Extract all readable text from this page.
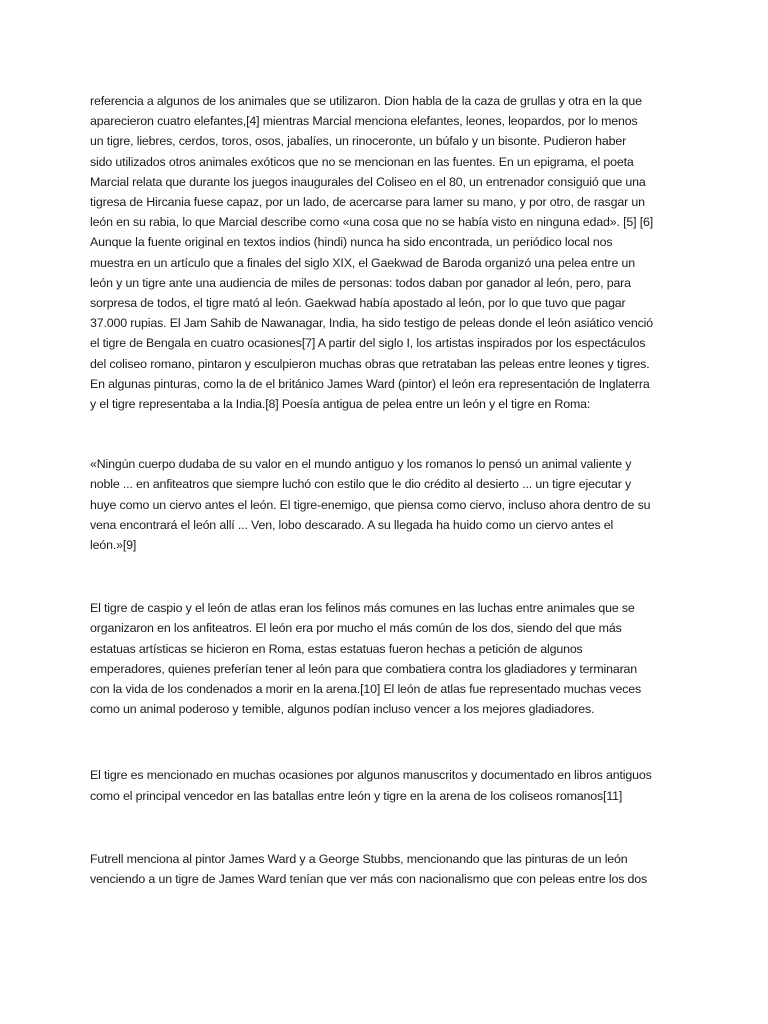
referencia a algunos de los animales que se utilizaron. Dion habla de la caza de grullas y otra en la que
aparecieron cuatro elefantes,[4] mientras Marcial menciona elefantes, leones, leopardos, por lo menos
un tigre, liebres, cerdos, toros, osos, jabalíes, un rinoceronte, un búfalo y un bisonte. Pudieron haber
sido utilizados otros animales exóticos que no se mencionan en las fuentes. En un epigrama, el poeta
Marcial relata que durante los juegos inaugurales del Coliseo en el 80, un entrenador consiguió que una
tigresa de Hircania fuese capaz, por un lado, de acercarse para lamer su mano, y por otro, de rasgar un
león en su rabia, lo que Marcial describe como «una cosa que no se había visto en ninguna edad». [5] [6]
Aunque la fuente original en textos indios (hindi) nunca ha sido encontrada, un periódico local nos
muestra en un artículo que a finales del siglo XIX, el Gaekwad de Baroda organizó una pelea entre un
león y un tigre ante una audiencia de miles de personas: todos daban por ganador al león, pero, para
sorpresa de todos, el tigre mató al león. Gaekwad había apostado al león, por lo que tuvo que pagar
37.000 rupias. El Jam Sahib de Nawanagar, India, ha sido testigo de peleas donde el león asiático venció
el tigre de Bengala en cuatro ocasiones[7] A partir del siglo I, los artistas inspirados por los espectáculos
del coliseo romano, pintaron y esculpieron muchas obras que retrataban las peleas entre leones y tigres.
En algunas pinturas, como la de el británico James Ward (pintor) el león era representación de Inglaterra
y el tigre representaba a la India.[8] Poesía antigua de pelea entre un león y el tigre en Roma:

«Ningún cuerpo dudaba de su valor en el mundo antiguo y los romanos lo pensó un animal valiente y
noble ... en anfiteatros que siempre luchó con estilo que le dio crédito al desierto ... un tigre ejecutar y
huye como un ciervo antes el león. El tigre-enemigo, que piensa como ciervo, incluso ahora dentro de su
vena encontrará el león allí ... Ven, lobo descarado. A su llegada ha huido como un ciervo antes el
león.»[9]

El tigre de caspio y el león de atlas eran los felinos más comunes en las luchas entre animales que se
organizaron en los anfiteatros. El león era por mucho el más común de los dos, siendo del que más
estatuas artísticas se hicieron en Roma, estas estatuas fueron hechas a petición de algunos
emperadores, quienes preferían tener al león para que combatiera contra los gladiadores y terminaran
con la vida de los condenados a morir en la arena.[10] El león de atlas fue representado muchas veces
como un animal poderoso y temible, algunos podían incluso vencer a los mejores gladiadores.

El tigre es mencionado en muchas ocasiones por algunos manuscritos y documentado en libros antiguos
como el principal vencedor en las batallas entre león y tigre en la arena de los coliseos romanos[11]

Futrell menciona al pintor James Ward y a George Stubbs, mencionando que las pinturas de un león
venciendo a un tigre de James Ward tenían que ver más con nacionalismo que con peleas entre los dos
